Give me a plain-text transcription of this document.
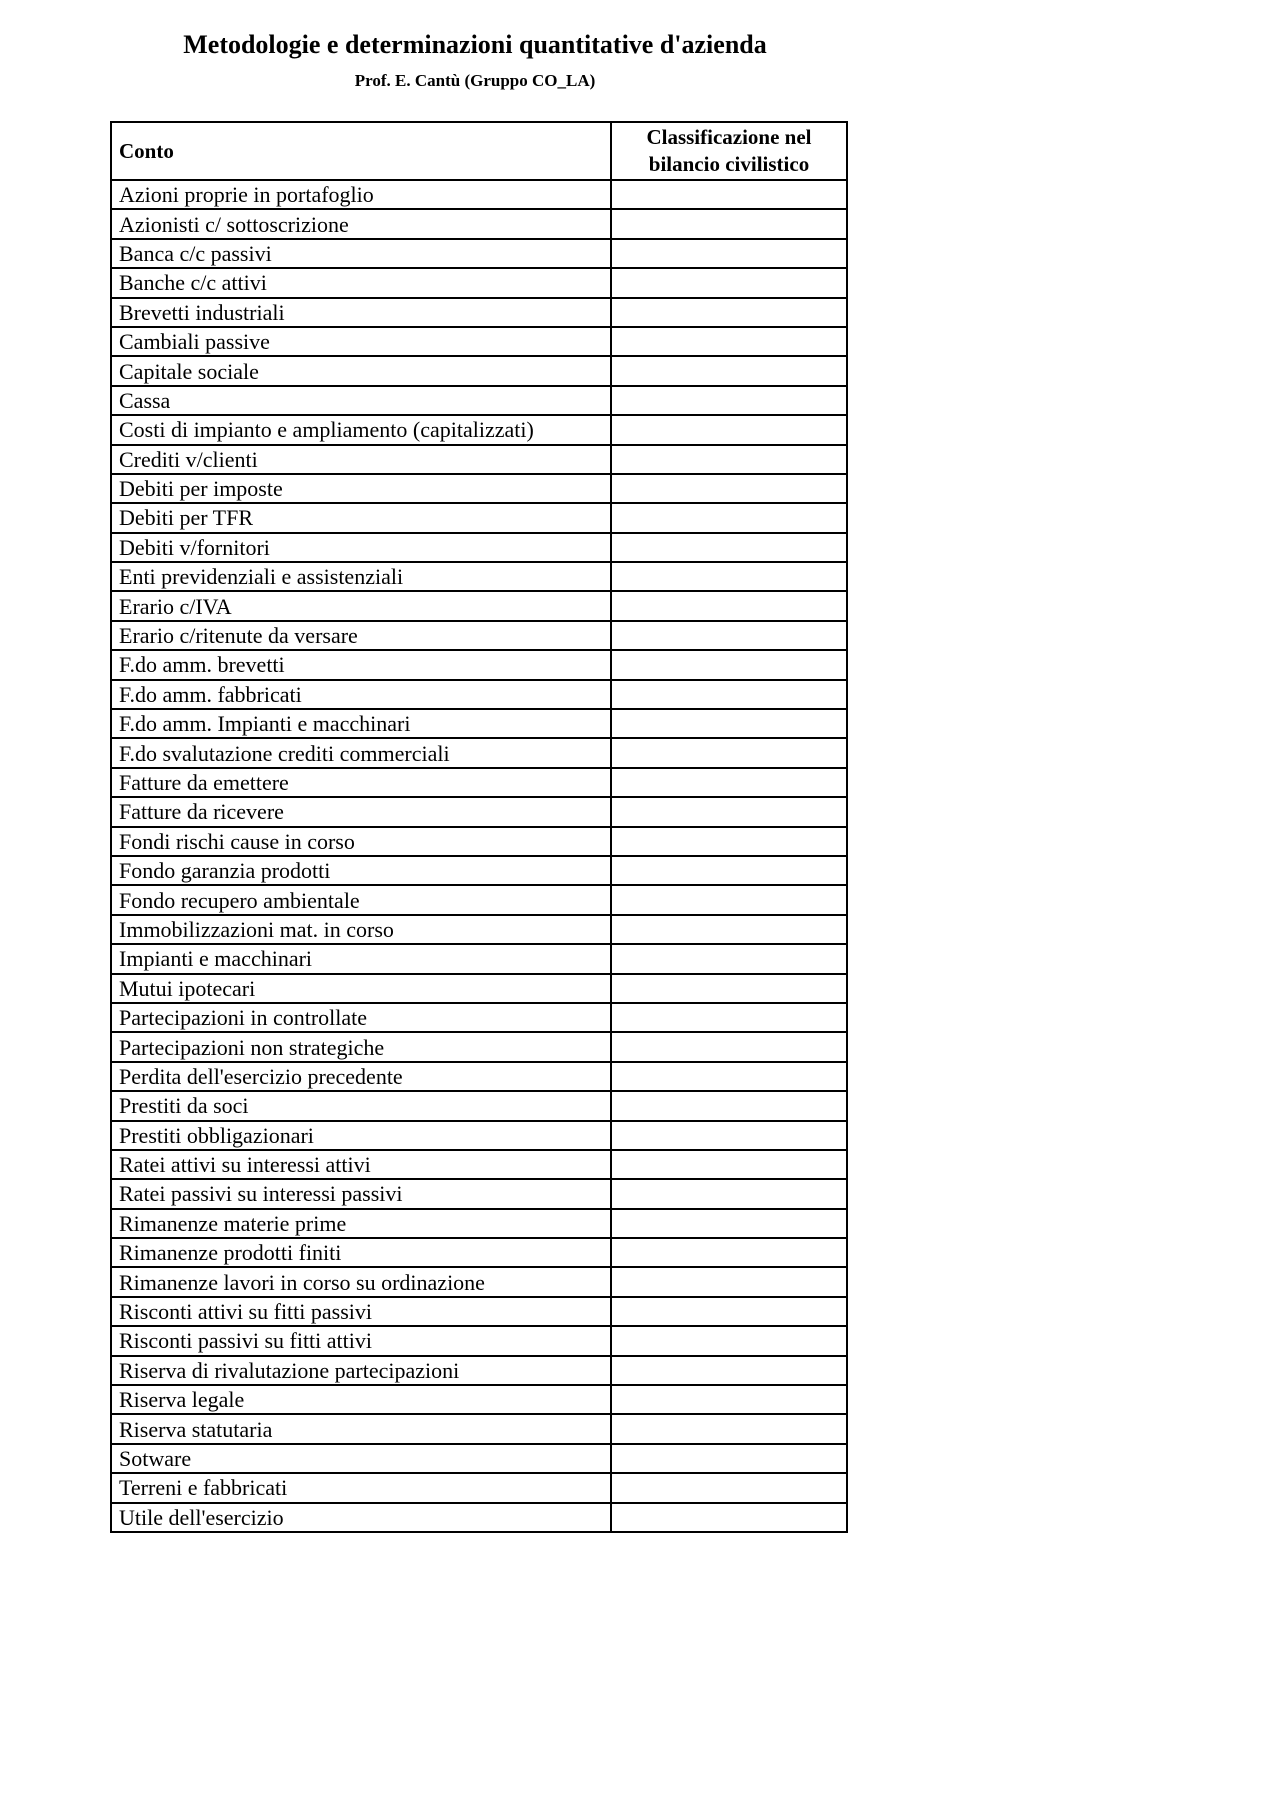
Metodologie e determinazioni quantitative d'azienda
Prof. E. Cantù (Gruppo CO_LA)
Conto	Classificazione nel bilancio civilistico
Azioni proprie in portafoglio	
Azionisti c/ sottoscrizione	
Banca c/c passivi	
Banche c/c attivi	
Brevetti industriali	
Cambiali passive	
Capitale sociale	
Cassa	
Costi di impianto e ampliamento (capitalizzati)	
Crediti v/clienti	
Debiti per imposte	
Debiti per TFR	
Debiti v/fornitori	
Enti previdenziali e assistenziali	
Erario c/IVA	
Erario c/ritenute da versare	
F.do amm. brevetti	
F.do amm. fabbricati	
F.do amm. Impianti e macchinari	
F.do svalutazione crediti commerciali	
Fatture da emettere	
Fatture da ricevere	
Fondi rischi cause in corso	
Fondo garanzia prodotti	
Fondo recupero ambientale	
Immobilizzazioni mat. in corso	
Impianti e macchinari	
Mutui ipotecari	
Partecipazioni in controllate	
Partecipazioni non strategiche	
Perdita dell'esercizio precedente	
Prestiti da soci	
Prestiti obbligazionari	
Ratei attivi su interessi attivi	
Ratei passivi su interessi passivi	
Rimanenze materie prime	
Rimanenze prodotti finiti	
Rimanenze lavori in corso su ordinazione	
Risconti attivi su fitti passivi	
Risconti passivi su fitti attivi	
Riserva di rivalutazione partecipazioni	
Riserva legale	
Riserva statutaria	
Sotware	
Terreni e fabbricati	
Utile dell'esercizio	
